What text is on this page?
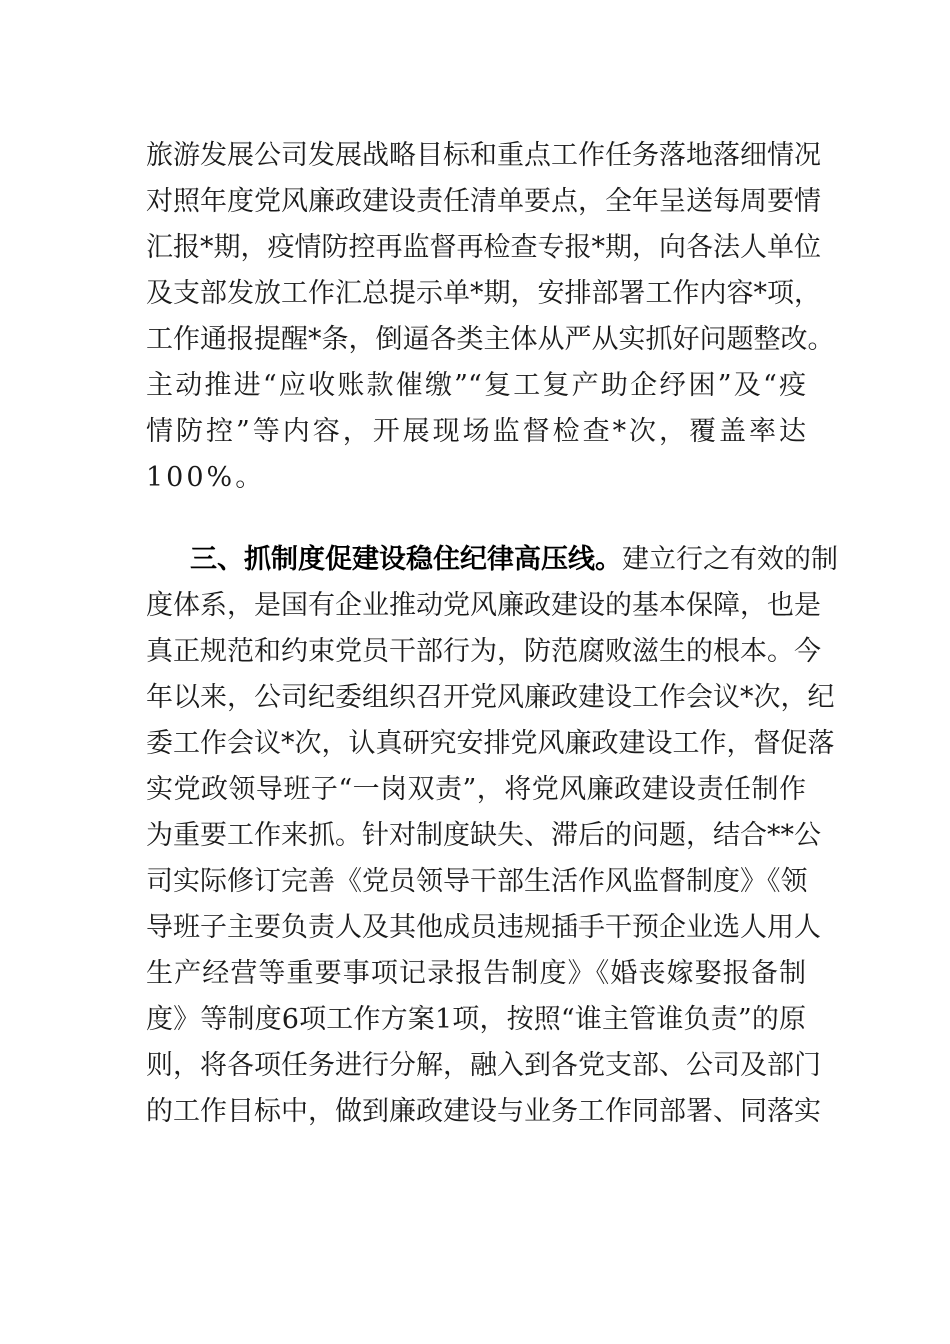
旅游发展公司发展战略目标和重点工作任务落地落细情况
对照年度党风廉政建设责任清单要点，全年呈送每周要情
汇报*期，疫情防控再监督再检查专报*期，向各法人单位
及支部发放工作汇总提示单*期，安排部署工作内容*项，
工作通报提醒*条，倒逼各类主体从严从实抓好问题整改。
主动推进“应收账款催缴”“复工复产助企纾困”及“疫
情防控”等内容，开展现场监督检查*次，覆盖率达
100%。
三、抓制度促建设稳住纪律高压线。建立行之有效的制
度体系，是国有企业推动党风廉政建设的基本保障，也是
真正规范和约束党员干部行为，防范腐败滋生的根本。今
年以来，公司纪委组织召开党风廉政建设工作会议*次，纪
委工作会议*次，认真研究安排党风廉政建设工作，督促落
实党政领导班子“一岗双责”，将党风廉政建设责任制作
为重要工作来抓。针对制度缺失、滞后的问题，结合**公
司实际修订完善《党员领导干部生活作风监督制度》《领
导班子主要负责人及其他成员违规插手干预企业选人用人
生产经营等重要事项记录报告制度》《婚丧嫁娶报备制
度》等制度6项工作方案1项，按照“谁主管谁负责”的原
则，将各项任务进行分解，融入到各党支部、公司及部门
的工作目标中，做到廉政建设与业务工作同部署、同落实
